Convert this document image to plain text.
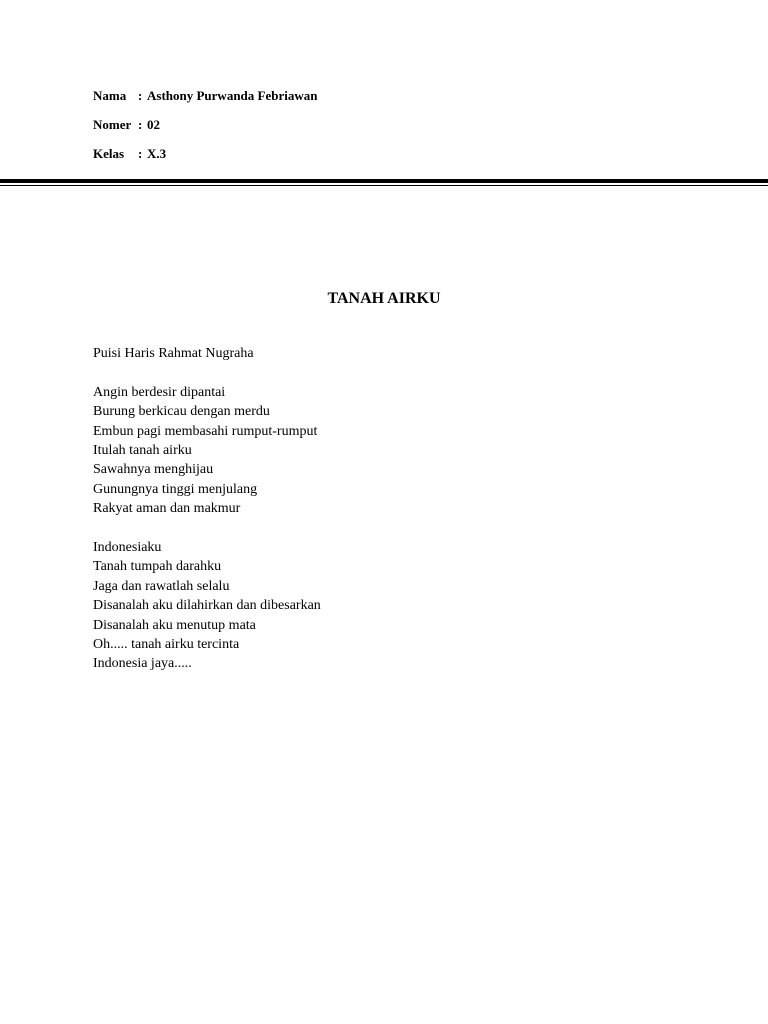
Nama : Asthony Purwanda Febriawan
Nomer : 02
Kelas	: X.3
TANAH AIRKU
Puisi Haris Rahmat Nugraha
Angin berdesir dipantai
Burung berkicau dengan merdu
Embun pagi membasahi rumput-rumput
Itulah tanah airku
Sawahnya menghijau
Gunungnya tinggi menjulang
Rakyat aman dan makmur
Indonesiaku
Tanah tumpah darahku
Jaga dan rawatlah selalu
Disanalah aku dilahirkan dan dibesarkan
Disanalah aku menutup mata
Oh..... tanah airku tercinta
Indonesia jaya.....
